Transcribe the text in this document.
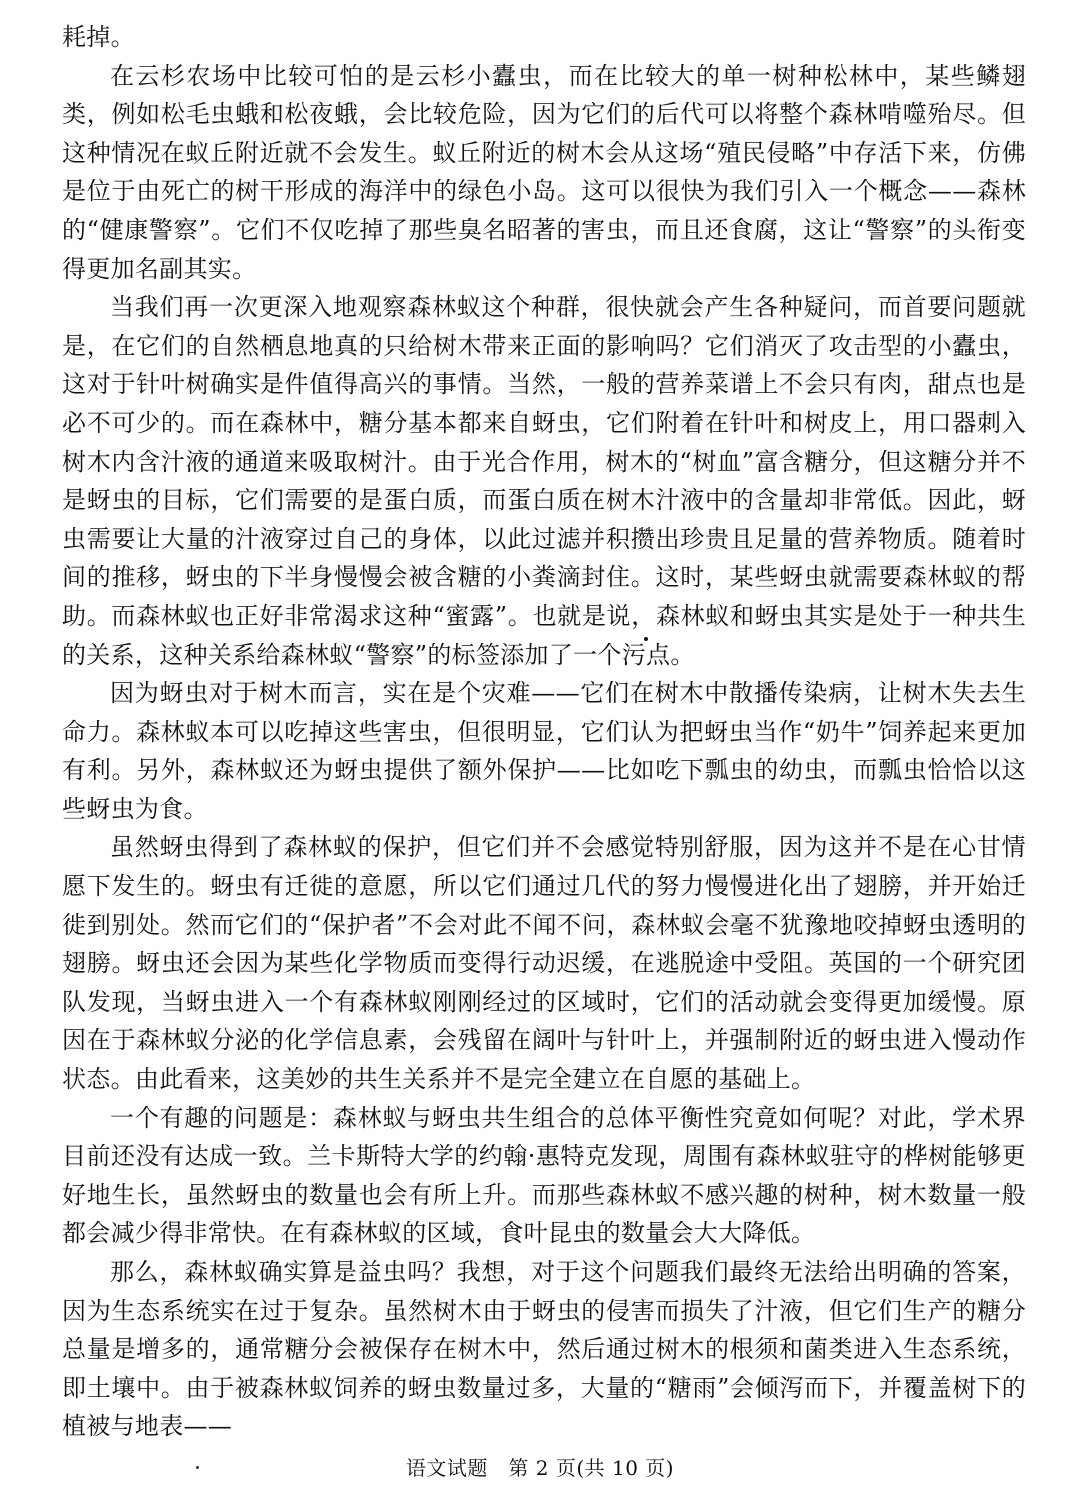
耗掉。

在云杉农场中比较可怕的是云杉小蠹虫，而在比较大的单一树种松林中，某些鳞翅类，例如松毛虫蛾和松夜蛾，会比较危险，因为它们的后代可以将整个森林啃噬殆尽。但这种情况在蚁丘附近就不会发生。蚁丘附近的树木会从这场“殖民侵略”中存活下来，仿佛是位于由死亡的树干形成的海洋中的绿色小岛。这可以很快为我们引入一个概念——森林的“健康警察”。它们不仅吃掉了那些臭名昭著的害虫，而且还食腐，这让“警察”的头衔变得更加名副其实。

当我们再一次更深入地观察森林蚁这个种群，很快就会产生各种疑问，而首要问题就是，在它们的自然栖息地真的只给树木带来正面的影响吗？它们消灭了攻击型的小蠹虫，这对于针叶树确实是件值得高兴的事情。当然，一般的营养菜谱上不会只有肉，甜点也是必不可少的。而在森林中，糖分基本都来自蚜虫，它们附着在针叶和树皮上，用口器刺入树木内含汁液的通道来吸取树汁。由于光合作用，树木的“树血”富含糖分，但这糖分并不是蚜虫的目标，它们需要的是蛋白质，而蛋白质在树木汁液中的含量却非常低。因此，蚜虫需要让大量的汁液穿过自己的身体，以此过滤并积攒出珍贵且足量的营养物质。随着时间的推移，蚜虫的下半身慢慢会被含糖的小粪滴封住。这时，某些蚜虫就需要森林蚁的帮助。而森林蚁也正好非常渴求这种“蜜露”。也就是说，森林蚁和蚜虫其实是处于一种共生的关系，这种关系给森林蚁“警察”的标签添加了一个污点。

因为蚜虫对于树木而言，实在是个灾难——它们在树木中散播传染病，让树木失去生命力。森林蚁本可以吃掉这些害虫，但很明显，它们认为把蚜虫当作“奶牛”饲养起来更加有利。另外，森林蚁还为蚜虫提供了额外保护——比如吃下瓢虫的幼虫，而瓢虫恰恰以这些蚜虫为食。

虽然蚜虫得到了森林蚁的保护，但它们并不会感觉特别舒服，因为这并不是在心甘情愿下发生的。蚜虫有迁徙的意愿，所以它们通过几代的努力慢慢进化出了翅膀，并开始迁徙到别处。然而它们的“保护者”不会对此不闻不问，森林蚁会毫不犹豫地咬掉蚜虫透明的翅膀。蚜虫还会因为某些化学物质而变得行动迟缓，在逃脱途中受阻。英国的一个研究团队发现，当蚜虫进入一个有森林蚁刚刚经过的区域时，它们的活动就会变得更加缓慢。原因在于森林蚁分泌的化学信息素，会残留在阔叶与针叶上，并强制附近的蚜虫进入慢动作状态。由此看来，这美妙的共生关系并不是完全建立在自愿的基础上。

一个有趣的问题是：森林蚁与蚜虫共生组合的总体平衡性究竟如何呢？对此，学术界目前还没有达成一致。兰卡斯特大学的约翰·惠特克发现，周围有森林蚁驻守的桦树能够更好地生长，虽然蚜虫的数量也会有所上升。而那些森林蚁不感兴趣的树种，树木数量一般都会减少得非常快。在有森林蚁的区域，食叶昆虫的数量会大大降低。

那么，森林蚁确实算是益虫吗？我想，对于这个问题我们最终无法给出明确的答案，因为生态系统实在过于复杂。虽然树木由于蚜虫的侵害而损失了汁液，但它们生产的糖分总量是增多的，通常糖分会被保存在树木中，然后通过树木的根须和菌类进入生态系统，即土壤中。由于被森林蚁饲养的蚜虫数量过多，大量的“糖雨”会倾泻而下，并覆盖树下的植被与地表——

语文试题　第 2 页(共 10 页)
